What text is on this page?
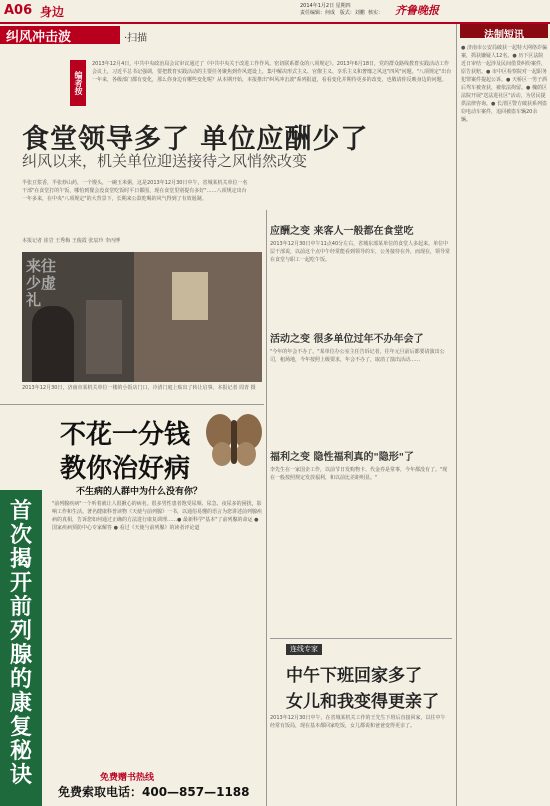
A06 身边	2014年1月2日 星期四
责任编辑：何成   版式：刘鹏  核实： 齐鲁晚报
纠风冲击波	·扫描
编者按
2013年12月4日，中共中央政治局会议审议通过了《中共中央关于改进工作作风、密切联系群众的八项规定》。2013年6月18日，党的群众路线教育实践活动工作会议上，习近平总书记强调，要把教育实践活动的主要任务聚焦到作风建设上，集中解决形式主义、官僚主义、享乐主义和奢靡之风这"四风"问题。"八项规定"出台一年来，各级部门都有变化，那么你身边有哪些变化呢？从本期开始，本报推出"纠风冲击波"系列报道，看看变化并期待更多的改变，也敬请你反映身边的问题。
法制短讯
● 济南市公安局破获一起特大网络诈骗案，抓获嫌疑人12名。● 历下区法院近日审结一起涉及民间借贷纠纷案件，原告获赔。● 市中区检察院对一起职务犯罪案件提起公诉。● 天桥区一男子酒后驾车被查获，被依法拘留。● 槐荫区法院开展"送法进社区"活动，为居民提供法律咨询。● 长清区警方破获系列盗窃电动车案件，追回被盗车辆20余辆。
食堂领导多了 单位应酬少了
纠风以来，机关单位迎送接待之风悄然改变
半张豆浆香，半张炒山药，一个馒头，一碗玉米粥，这是2013年12月30日中午，省城某机关单位一名干部"在食堂打的午饭，哪怕到餐会没食堂吃饭时平日都围，现在食堂里别提有多好"……八项规定出台一年多来，在中央"八项规定"的大背景下，长期来公款吃喝的风气得到了有效遏制。
本报记者 崔岩 王秀梅 王俊霞 张辰玲 李丙博
来往少虚礼
2013年12月30日，济南市某机关单位一楼的小饭店门口，冷清门庭上贴出了转让启事。本报记者 周青 摄
应酬之变 来客人一般都在食堂吃
2013年12月30日中午11点40分左右，省城东部某单位的食堂人多起来。单位中层干部说，以前这个点中午经常能看到领导的车，公务接待在外，而现在，领导常在食堂与职工一起吃午饭。
活动之变 很多单位过年不办年会了
"今年的年会不办了。"某单位办公室主任告诉记者，往年元旦前后都要请演出公司，租场地，今年按照上级要求，年会不办了，取消了演出活动……
福利之变 隐性福利真的"隐形"了
李先生在一家国企工作，以前节日发购物卡、代金券是常事，今年都没有了。"现在一般按照规定发放福利，和以前比差距明显。"
连线专家
中午下班回家多了
女儿和我变得更亲了
2013年12月30日中午，在省城某机关工作的王先生下班后直接回家，以往中午经常有饭局，现在基本都回家吃饭，女儿都说和爸爸变得更亲了。
不花一分钱
教你治好病
首次揭开前列腺的康复秘诀
不生病的人群中为什么没有你？
"前列腺疾病"一个听着就让人很揪心的病名。很多男性患者饱受尿频、尿急、夜尿多的困扰，影响工作和生活。著名健康科普读物《天使与前列腺》一书，以通俗易懂的语言为您讲述前列腺疾病的真相，告诉您如何通过正确的方法进行康复调理……● 最新科学"基本"了前列腺的命运 ● 国家疾病预防中心专家解答 ● 看过《天使与前列腺》的读者评论道
免费赠书热线
免费索取电话：400—857—1188
